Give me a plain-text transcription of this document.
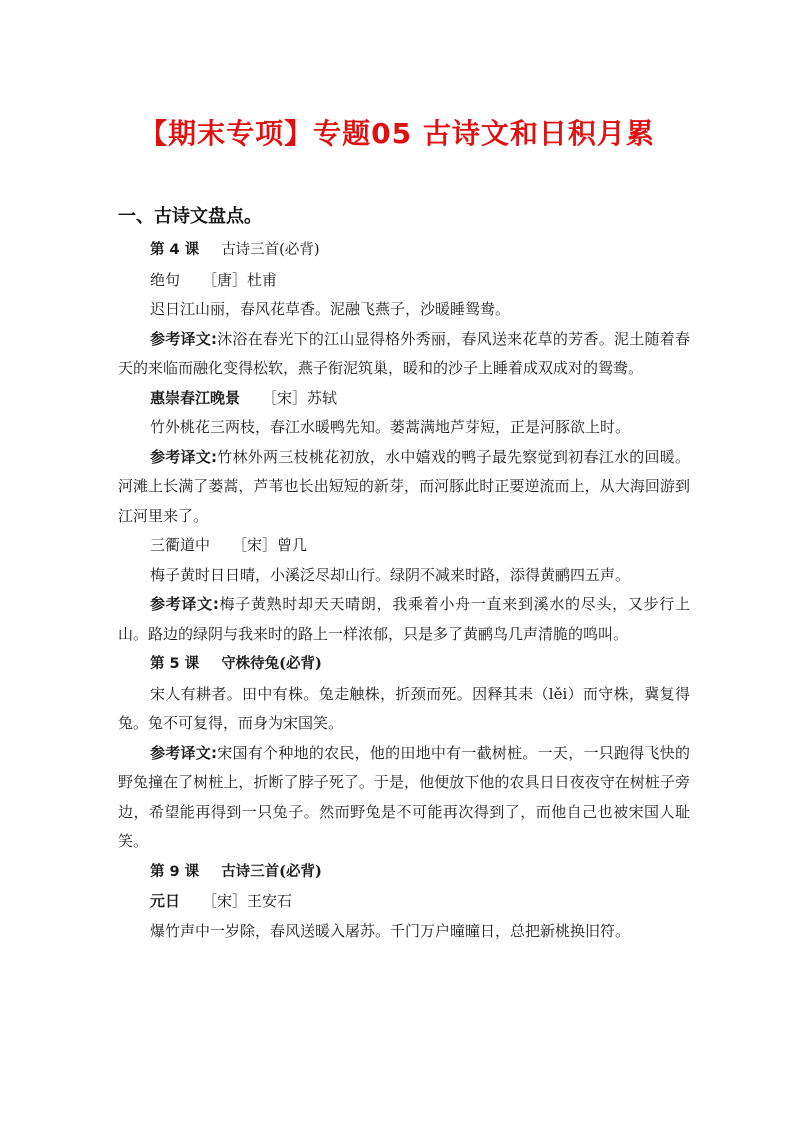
【期末专项】专题05 古诗文和日积月累
一、古诗文盘点。

第 4 课 古诗三首(必背)

绝句 ［唐］杜甫

迟日江山丽，春风花草香。泥融飞燕子，沙暖睡鸳鸯。

参考译文:沐浴在春光下的江山显得格外秀丽，春风送来花草的芳香。泥土随着春天的来临而融化变得松软，燕子衔泥筑巢，暖和的沙子上睡着成双成对的鸳鸯。

惠崇春江晚景 ［宋］苏轼

竹外桃花三两枝，春江水暖鸭先知。蒌蒿满地芦芽短，正是河豚欲上时。

参考译文:竹林外两三枝桃花初放，水中嬉戏的鸭子最先察觉到初春江水的回暖。河滩上长满了蒌蒿，芦苇也长出短短的新芽，而河豚此时正要逆流而上，从大海回游到江河里来了。

三衢道中 ［宋］曾几

梅子黄时日日晴，小溪泛尽却山行。绿阴不减来时路，添得黄鹂四五声。

参考译文:梅子黄熟时却天天晴朗，我乘着小舟一直来到溪水的尽头，又步行上山。路边的绿阴与我来时的路上一样浓郁，只是多了黄鹂鸟几声清脆的鸣叫。

第 5 课 守株待兔(必背)

宋人有耕者。田中有株。兔走触株，折颈而死。因释其耒（lěi）而守株，冀复得兔。兔不可复得，而身为宋国笑。

参考译文:宋国有个种地的农民，他的田地中有一截树桩。一天，一只跑得飞快的野兔撞在了树桩上，折断了脖子死了。于是，他便放下他的农具日日夜夜守在树桩子旁边，希望能再得到一只兔子。然而野兔是不可能再次得到了，而他自己也被宋国人耻笑。

第 9 课 古诗三首(必背)

元日 ［宋］王安石

爆竹声中一岁除，春风送暖入屠苏。千门万户曈曈日，总把新桃换旧符。
